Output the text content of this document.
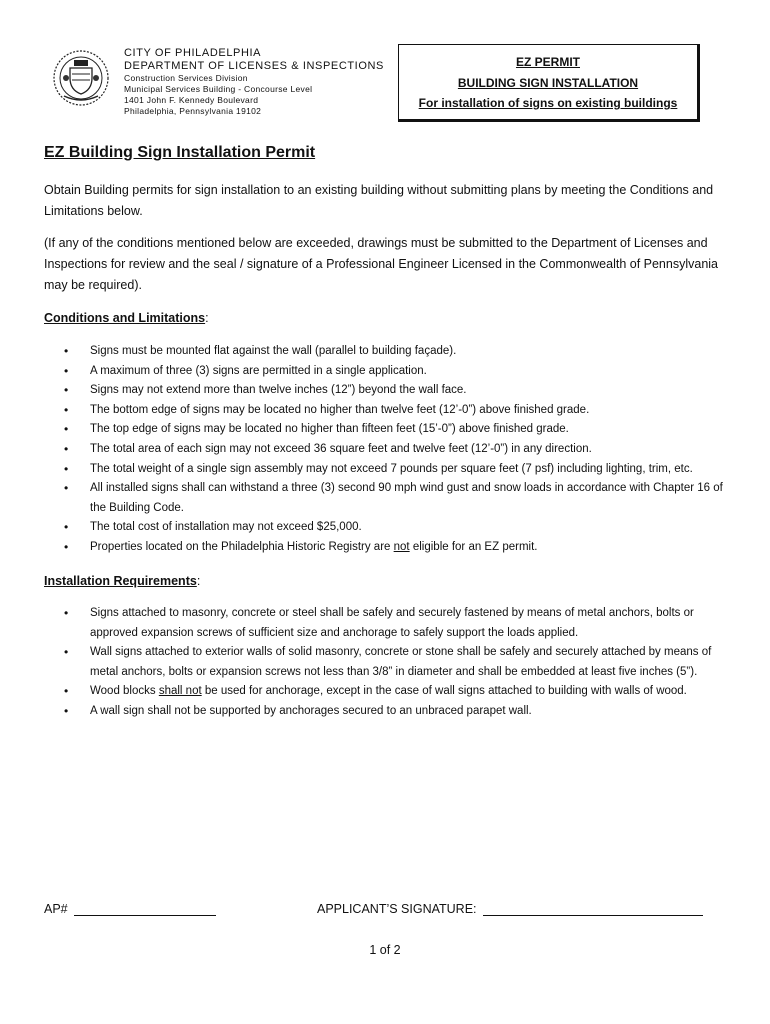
CITY OF PHILADELPHIA
DEPARTMENT OF LICENSES & INSPECTIONS
Construction Services Division
Municipal Services Building - Concourse Level
1401 John F. Kennedy Boulevard
Philadelphia, Pennsylvania 19102
EZ PERMIT
BUILDING SIGN INSTALLATION
For installation of signs on existing buildings
EZ Building Sign Installation Permit

Obtain Building permits for sign installation to an existing building without submitting plans by meeting the Conditions and Limitations below.

(If any of the conditions mentioned below are exceeded, drawings must be submitted to the Department of Licenses and Inspections for review and the seal / signature of a Professional Engineer Licensed in the Commonwealth of Pennsylvania may be required).

Conditions and Limitations:
• Signs must be mounted flat against the wall (parallel to building façade).
• A maximum of three (3) signs are permitted in a single application.
• Signs may not extend more than twelve inches (12”) beyond the wall face.
• The bottom edge of signs may be located no higher than twelve feet (12’-0”) above finished grade.
• The top edge of signs may be located no higher than fifteen feet (15’-0”) above finished grade.
• The total area of each sign may not exceed 36 square feet and twelve feet (12’-0”) in any direction.
• The total weight of a single sign assembly may not exceed 7 pounds per square feet (7 psf) including lighting, trim, etc.
• All installed signs shall can withstand a three (3) second 90 mph wind gust and snow loads in accordance with Chapter 16 of the Building Code.
• The total cost of installation may not exceed $25,000.
• Properties located on the Philadelphia Historic Registry are not eligible for an EZ permit.
Installation Requirements:
• Signs attached to masonry, concrete or steel shall be safely and securely fastened by means of metal anchors, bolts or approved expansion screws of sufficient size and anchorage to safely support the loads applied.
• Wall signs attached to exterior walls of solid masonry, concrete or stone shall be safely and securely attached by means of metal anchors, bolts or expansion screws not less than 3/8” in diameter and shall be embedded at least five inches (5”).
• Wood blocks shall not be used for anchorage, except in the case of wall signs attached to building with walls of wood.
• A wall sign shall not be supported by anchorages secured to an unbraced parapet wall.
AP#	APPLICANT’S SIGNATURE:
1 of 2
